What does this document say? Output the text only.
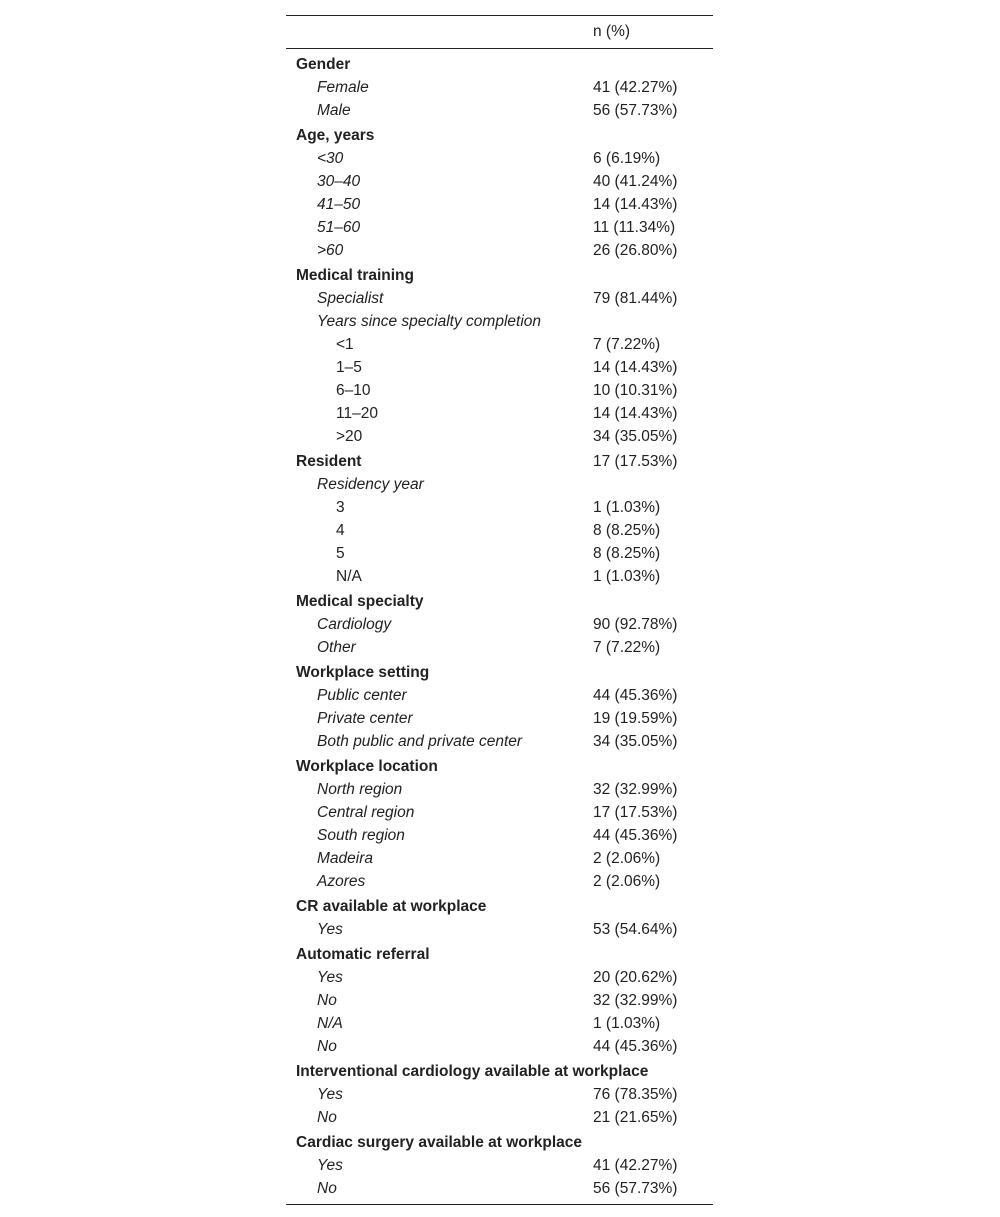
n (%)
Gender
Female	41 (42.27%)
Male	56 (57.73%)
Age, years
<30	6 (6.19%)
30–40	40 (41.24%)
41–50	14 (14.43%)
51–60	11 (11.34%)
>60	26 (26.80%)
Medical training
Specialist	79 (81.44%)
Years since specialty completion
<1	7 (7.22%)
1–5	14 (14.43%)
6–10	10 (10.31%)
11–20	14 (14.43%)
>20	34 (35.05%)
Resident	17 (17.53%)
Residency year
3	1 (1.03%)
4	8 (8.25%)
5	8 (8.25%)
N/A	1 (1.03%)
Medical specialty
Cardiology	90 (92.78%)
Other	7 (7.22%)
Workplace setting
Public center	44 (45.36%)
Private center	19 (19.59%)
Both public and private center	34 (35.05%)
Workplace location
North region	32 (32.99%)
Central region	17 (17.53%)
South region	44 (45.36%)
Madeira	2 (2.06%)
Azores	2 (2.06%)
CR available at workplace
Yes	53 (54.64%)
Automatic referral
Yes	20 (20.62%)
No	32 (32.99%)
N/A	1 (1.03%)
No	44 (45.36%)
Interventional cardiology available at workplace
Yes	76 (78.35%)
No	21 (21.65%)
Cardiac surgery available at workplace
Yes	41 (42.27%)
No	56 (57.73%)
